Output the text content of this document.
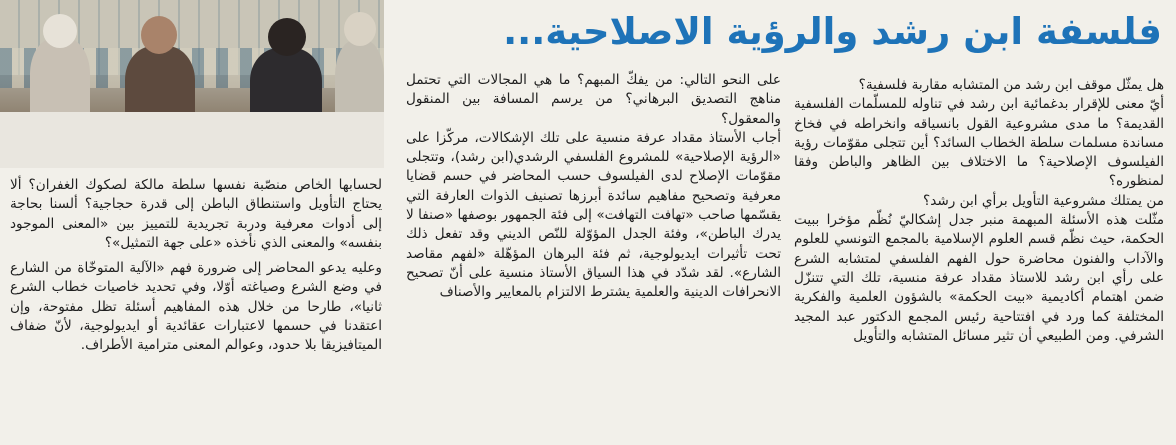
فلسفة ابن رشد والرؤية الاصلاحية...

هل يمثّل موقف ابن رشد من المتشابه مقاربة فلسفية؟

أيّ معنى للإقرار بدغمائية ابن رشد في تناوله للمسلّمات الفلسفية القديمة؟ ما مدى مشروعية القول بانسياقه وانخراطه في فخاخ مساندة مسلمات سلطة الخطاب السائد؟ أين تتجلى مقوّمات رؤية الفيلسوف الإصلاحية؟ ما الاختلاف بين الظاهر والباطن وفقا لمنظوره؟

من يمتلك مشروعية التأويل برأي ابن رشد؟

مثّلت هذه الأسئلة المبهمة منبر جدل إشكاليّ نُظّم مؤخرا ببيت الحكمة، حيث نظّم قسم العلوم الإسلامية بالمجمع التونسي للعلوم والآداب والفنون محاضرة حول الفهم الفلسفي لمتشابه الشرع على رأي ابن رشد للاستاذ مقداد عرفة منسية، تلك التي تتنزّل ضمن اهتمام أكاديمية «بيت الحكمة» بالشؤون العلمية والفكرية المختلفة كما ورد في افتتاحية رئيس المجمع الدكتور عبد المجيد الشرفي. ومن الطبيعي أن تثير مسائل المتشابه والتأويل

على النحو التالي: من يفكّ المبهم؟ ما هي المجالات التي تحتمل مناهج التصديق البرهاني؟ من يرسم المسافة بين المنقول والمعقول؟

أجاب الأستاذ مقداد عرفة منسية على تلك الإشكالات، مركّزا على «الرؤية الإصلاحية» للمشروع الفلسفي الرشدي(ابن رشد)، وتتجلى مقوّمات الإصلاح لدى الفيلسوف حسب المحاضر في حسم قضايا معرفية وتصحيح مفاهيم سائدة أبرزها تصنيف الذوات العارفة التي يقسّمها صاحب «تهافت التهافت» إلى فئة الجمهور بوصفها «صنفا لا يدرك الباطن»، وفئة الجدل المؤوّلة للنّص الديني وقد تفعل ذلك تحت تأثيرات ايديولوجية، ثم فئة البرهان المؤهّلة «لفهم مقاصد الشارع». لقد شدّد في هذا السياق الأستاذ منسية على أنّ تصحيح الانحرافات الدينية والعلمية يشترط الالتزام بالمعايير والأصناف

لحسابها الخاص منصّبة نفسها سلطة مالكة لصكوك الغفران؟ ألا يحتاج التأويل واستنطاق الباطن إلى قدرة حجاجية؟ ألسنا بحاجة إلى أدوات معرفية ودربة تجريدية للتمييز بين «المعنى الموجود بنفسه» والمعنى الذي نأخذه «على جهة التمثيل»؟

وعليه يدعو المحاضر إلى ضرورة فهم «الآلية المتوخّاة من الشارع في وضع الشرع وصياغته أوّلا، وفي تحديد خاصيات خطاب الشرع ثانيا»، طارحا من خلال هذه المفاهيم أسئلة تظل مفتوحة، وإن اعتقدنا في حسمها لاعتبارات عقائدية أو ايديولوجية، لأنّ ضفاف الميتافيزيقا بلا حدود، وعوالم المعنى مترامية الأطراف.
